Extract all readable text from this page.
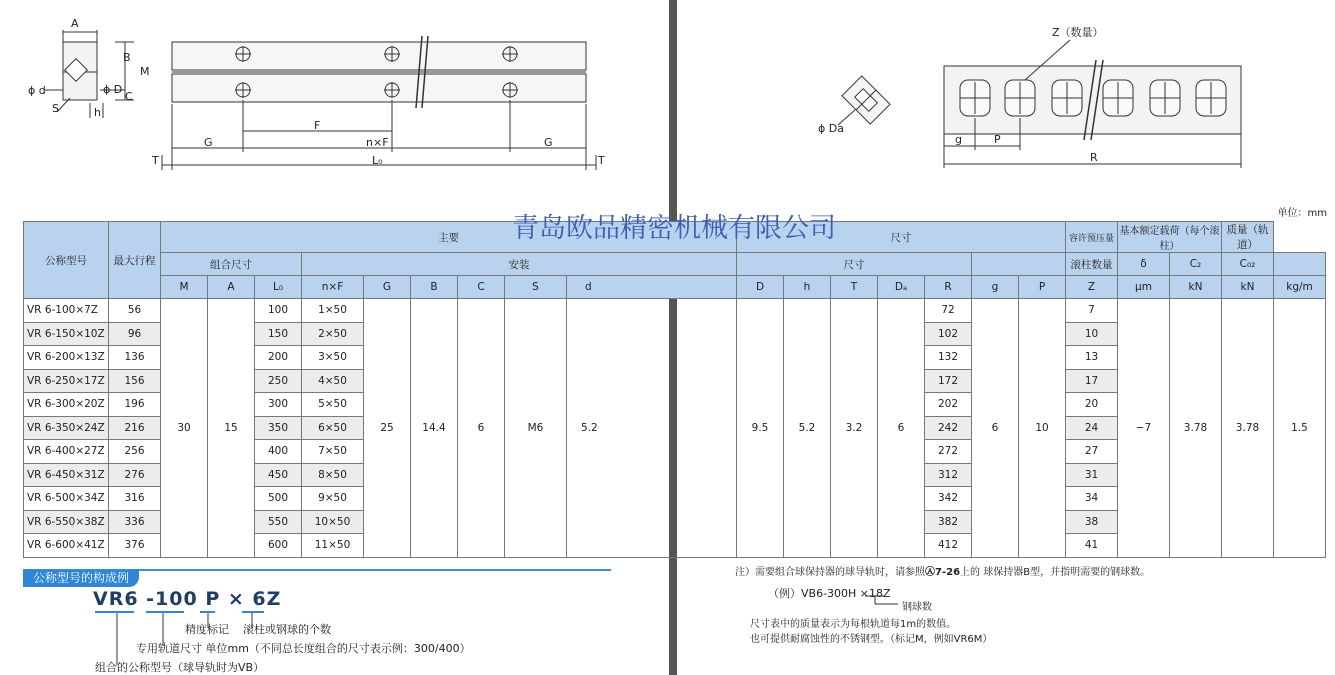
A
B
M
C
ϕ d	ϕ D
S	h
G
F
n×F	G
L₀
T	T
Z（数量）
ϕ Da
g	P
R
单位：mm
公称型号	最大行程	主要									尺寸							容许预压量	基本额定载荷（每个滚柱）		质量（轨道）	
		组合尺寸			安装						尺寸							滚柱数量	δ	C₂	C₀₂	
		M	A	L₀	n×F	G	B	C	S	d	D	h	T	Dₐ	R	g	P	Z	μm	kN	kN	kg/m
VR 6-100×7Z	56	30	15	100	1×50	25	14.4	6	M6	5.2	9.5	5.2	3.2	6	72	6	10	7	−7	3.78	3.78	1.5
VR 6-150×10Z	96			150	2×50										102			10				
VR 6-200×13Z	136			200	3×50										132			13				
VR 6-250×17Z	156			250	4×50										172			17				
VR 6-300×20Z	196			300	5×50										202			20				
VR 6-350×24Z	216			350	6×50										242			24				
VR 6-400×27Z	256			400	7×50										272			27				
VR 6-450×31Z	276			450	8×50										312			31				
VR 6-500×34Z	316			500	9×50										342			34				
VR 6-550×38Z	336			550	10×50										382			38				
VR 6-600×41Z	376			600	11×50										412			41				
青岛欧品精密机械有限公司
公称型号的构成例
VR6 -100 P × 6Z
精度标记 滚柱或钢球的个数
专用轨道尺寸 单位mm（不同总长度组合的尺寸表示例：300/400）
组合的公称型号（球导轨时为VB）
注）需要组合球保持器的球导轨时，请参照Ⓐ7-26上的 球保持器B型，并指明需要的钢球数。
（例）VB6-300H ×18Z
钢球数
尺寸表中的质量表示为每根轨道每1m的数值。
也可提供耐腐蚀性的不锈钢型。（标记M，例如VR6M）
